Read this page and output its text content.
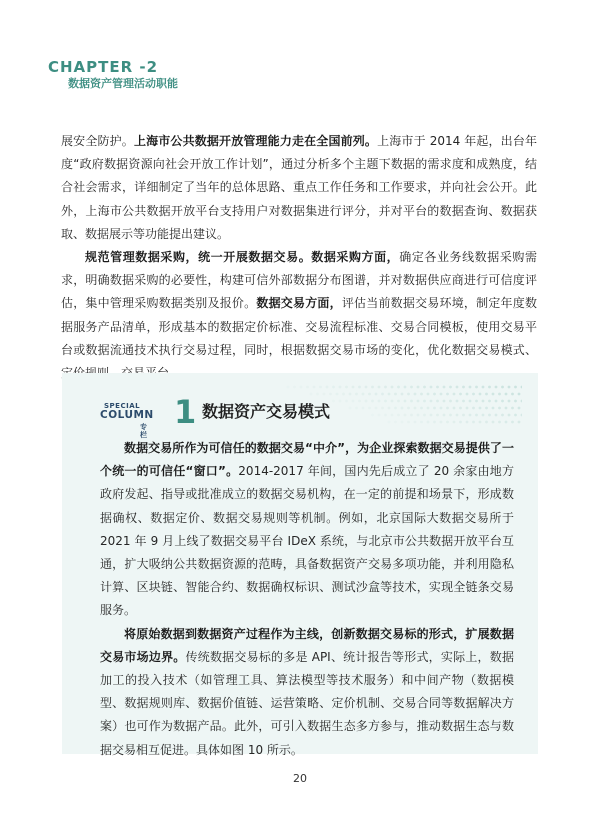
CHAPTER -2
数据资产管理活动职能

展安全防护。上海市公共数据开放管理能力走在全国前列。上海市于 2014 年起，出台年度“政府数据资源向社会开放工作计划”，通过分析多个主题下数据的需求度和成熟度，结合社会需求，详细制定了当年的总体思路、重点工作任务和工作要求，并向社会公开。此外，上海市公共数据开放平台支持用户对数据集进行评分，并对平台的数据查询、数据获取、数据展示等功能提出建议。

规范管理数据采购，统一开展数据交易。数据采购方面，确定各业务线数据采购需求，明确数据采购的必要性，构建可信外部数据分布图谱，并对数据供应商进行可信度评估，集中管理采购数据类别及报价。数据交易方面，评估当前数据交易环境，制定年度数据服务产品清单，形成基本的数据定价标准、交易流程标准、交易合同模板，使用交易平台或数据流通技术执行交易过程，同时，根据数据交易市场的变化，优化数据交易模式、

SPECIAL
COLUMN
专栏
1 数据资产交易模式

数据交易所作为可信任的数据交易“中介”，为企业探索数据交易提供了一个统一的可信任“窗口”。2014-2017 年间，国内先后成立了 20 余家由地方政府发起、指导或批准成立的数据交易机构，在一定的前提和场景下，形成数据确权、数据定价、数据交易规则等机制。例如，北京国际大数据交易所于 2021 年 9 月上线了数据交易平台 IDeX 系统，与北京市公共数据开放平台互通，扩大吸纳公共数据资源的范畴，具备数据资产交易多项功能，并利用隐私计算、区块链、智能合约、数据确权标识、测试沙盒等技术，实现全链条交易服务。

将原始数据到数据资产过程作为主线，创新数据交易标的形式，扩展数据交易市场边界。传统数据交易标的多是 API、统计报告等形式，实际上，数据加工的投入技术（如管理工具、算法模型等技术服务）和中间产物（数据模型、数据规则库、数据价值链、运营策略、定价机制、交易合同等数据解决方案）也可作为数据产品。此外，可引入数据生态多方参与，推动数据生态与数据交易相互促进。具体如图 10 所示。

20
